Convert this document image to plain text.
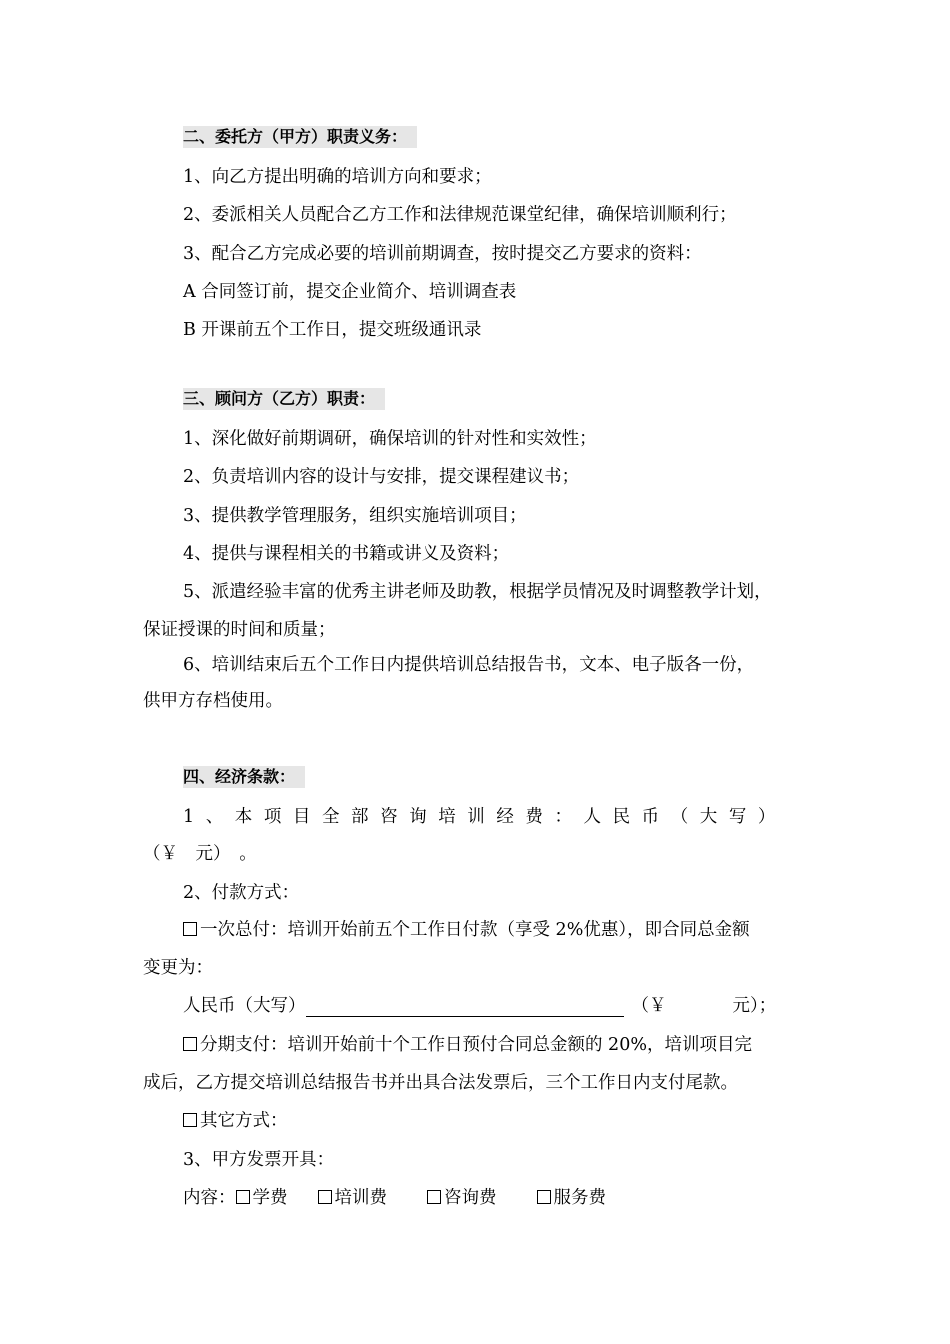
二、委托方（甲方）职责义务：
1、向乙方提出明确的培训方向和要求；
2、委派相关人员配合乙方工作和法律规范课堂纪律，确保培训顺利行；
3、配合乙方完成必要的培训前期调查，按时提交乙方要求的资料：
A 合同签订前，提交企业简介、培训调查表
B 开课前五个工作日，提交班级通讯录
三、顾问方（乙方）职责：
1、深化做好前期调研，确保培训的针对性和实效性；
2、负责培训内容的设计与安排，提交课程建议书；
3、提供教学管理服务，组织实施培训项目；
4、提供与课程相关的书籍或讲义及资料；
5、派遣经验丰富的优秀主讲老师及助教，根据学员情况及时调整教学计划，
保证授课的时间和质量；
6、培训结束后五个工作日内提供培训总结报告书，文本、电子版各一份，
供甲方存档使用。
四、经济条款：
1 、 本 项 目 全 部 咨 询 培 训 经 费 ： 人 民 币 （ 大 写 ）
（￥　元）　。
2、付款方式：
一次总付：培训开始前五个工作日付款（享受 2%优惠），即合同总金额
变更为：
人民币（大写）	（￥	元）；
分期支付：培训开始前十个工作日预付合同总金额的 20%，培训项目完
成后，乙方提交培训总结报告书并出具合法发票后，三个工作日内支付尾款。
其它方式：
3、甲方发票开具：
内容： 学费	培训费	咨询费	服务费
